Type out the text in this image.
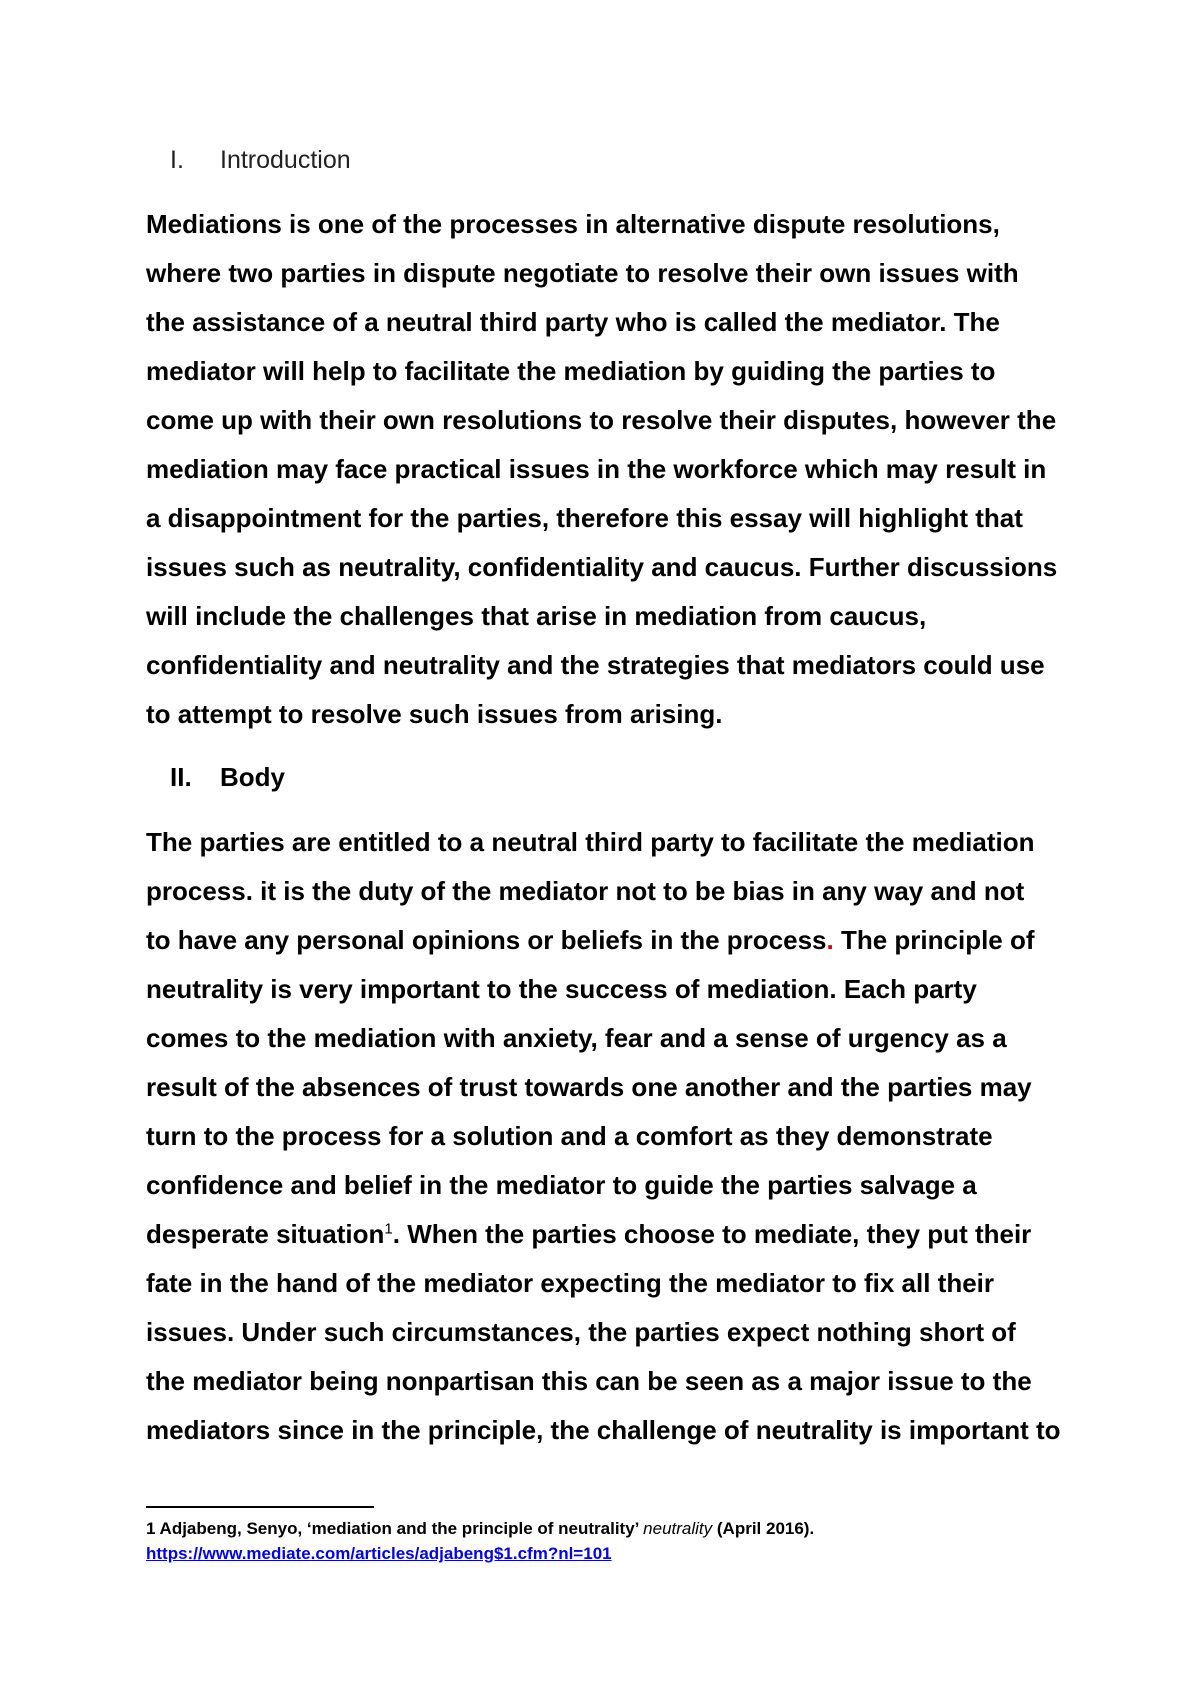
I.	Introduction
Mediations is one of the processes in alternative dispute resolutions,
where two parties in dispute negotiate to resolve their own issues with
the assistance of a neutral third party who is called the mediator. The
mediator will help to facilitate the mediation by guiding the parties to
come up with their own resolutions to resolve their disputes, however the
mediation may face practical issues in the workforce which may result in
a disappointment for the parties, therefore this essay will highlight that
issues such as neutrality, confidentiality and caucus. Further discussions
will include the challenges that arise in mediation from caucus,
confidentiality and neutrality and the strategies that mediators could use
to attempt to resolve such issues from arising.
II.	Body
The parties are entitled to a neutral third party to facilitate the mediation
process. it is the duty of the mediator not to be bias in any way and not
to have any personal opinions or beliefs in the process. The principle of
neutrality is very important to the success of mediation. Each party
comes to the mediation with anxiety, fear and a sense of urgency as a
result of the absences of trust towards one another and the parties may
turn to the process for a solution and a comfort as they demonstrate
confidence and belief in the mediator to guide the parties salvage a
desperate situation$^1$. When the parties choose to mediate, they put their
fate in the hand of the mediator expecting the mediator to fix all their
issues. Under such circumstances, the parties expect nothing short of
the mediator being nonpartisan this can be seen as a major issue to the
mediators since in the principle, the challenge of neutrality is important to
1 Adjabeng, Senyo, ‘mediation and the principle of neutrality’ neutrality (April 2016).
https://www.mediate.com/articles/adjabeng$1.cfm?nl=101
